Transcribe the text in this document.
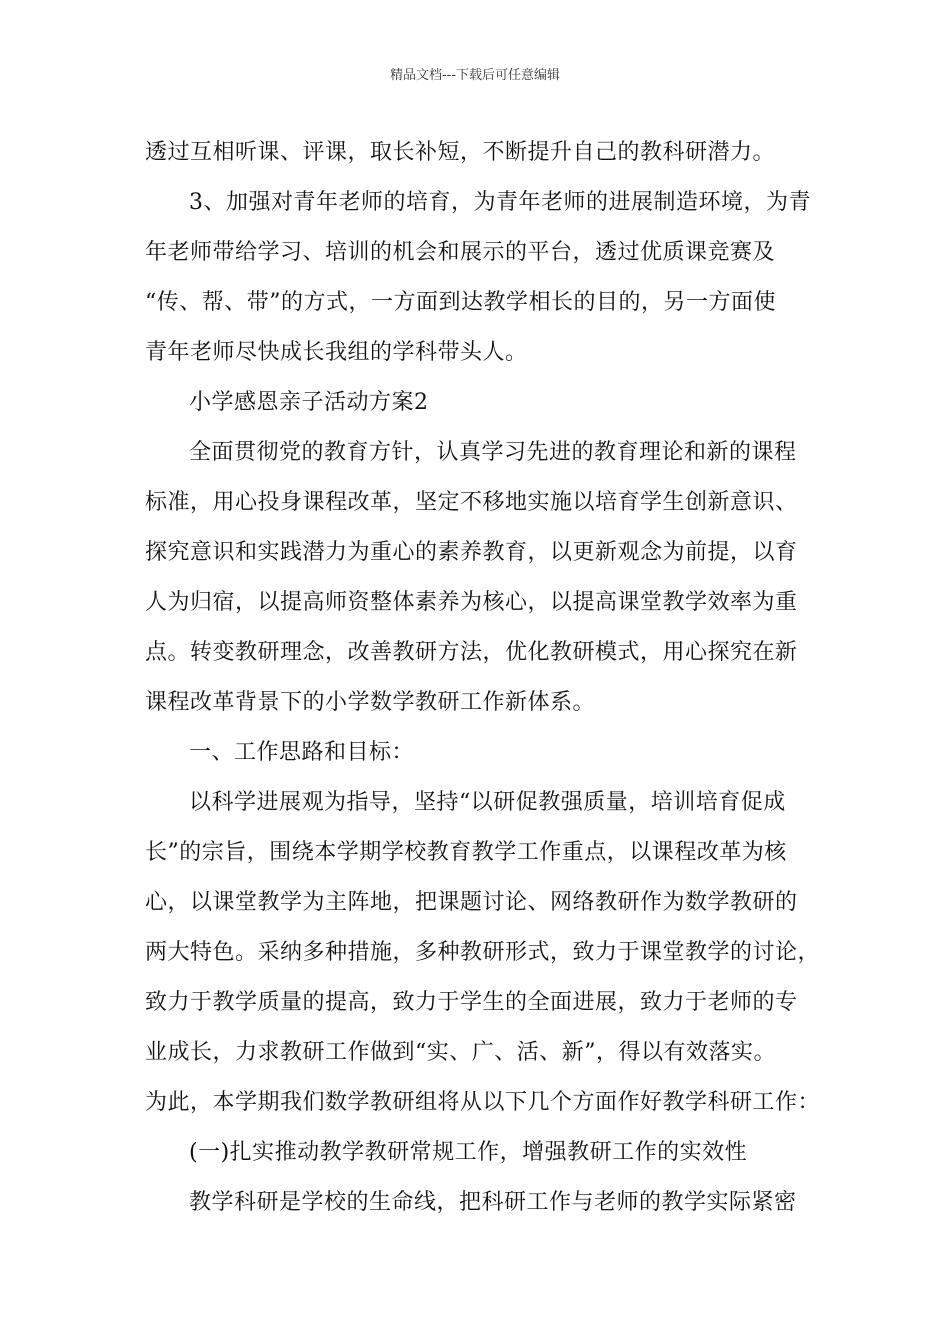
精品文档---下载后可任意编辑
透过互相听课、评课，取长补短，不断提升自己的教科研潜力。
3、加强对青年老师的培育，为青年老师的进展制造环境，为青
年老师带给学习、培训的机会和展示的平台，透过优质课竞赛及
“传、帮、带”的方式，一方面到达教学相长的目的，另一方面使
青年老师尽快成长我组的学科带头人。
小学感恩亲子活动方案2
全面贯彻党的教育方针，认真学习先进的教育理论和新的课程
标准，用心投身课程改革，坚定不移地实施以培育学生创新意识、
探究意识和实践潜力为重心的素养教育，以更新观念为前提，以育
人为归宿，以提高师资整体素养为核心，以提高课堂教学效率为重
点。转变教研理念，改善教研方法，优化教研模式，用心探究在新
课程改革背景下的小学数学教研工作新体系。
一、工作思路和目标：
以科学进展观为指导，坚持“以研促教强质量，培训培育促成
长”的宗旨，围绕本学期学校教育教学工作重点，以课程改革为核
心，以课堂教学为主阵地，把课题讨论、网络教研作为数学教研的
两大特色。采纳多种措施，多种教研形式，致力于课堂教学的讨论，
致力于教学质量的提高，致力于学生的全面进展，致力于老师的专
业成长，力求教研工作做到“实、广、活、新”，得以有效落实。
为此，本学期我们数学教研组将从以下几个方面作好教学科研工作：
(一)扎实推动教学教研常规工作，增强教研工作的实效性
教学科研是学校的生命线，把科研工作与老师的教学实际紧密
